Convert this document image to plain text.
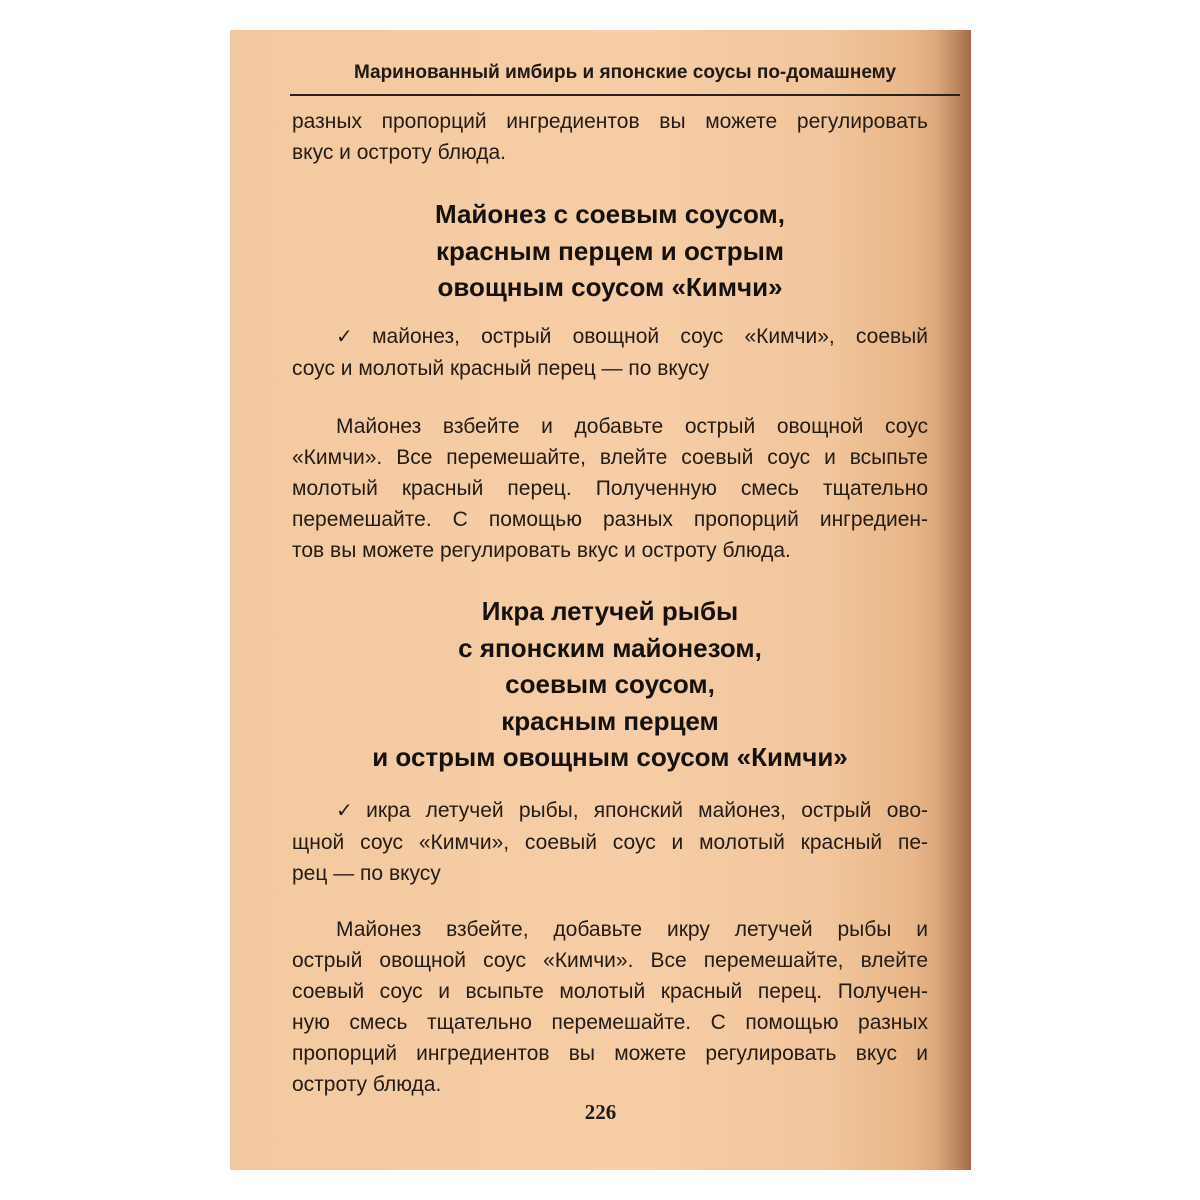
Маринованный имбирь и японские соусы по-домашнему
разных пропорций ингредиентов вы можете регулировать
вкус и остроту блюда.
Майонез с соевым соусом,
красным перцем и острым
овощным соусом «Кимчи»
✓ майонез, острый овощной соус «Кимчи», соевый
соус и молотый красный перец — по вкусу
Майонез взбейте и добавьте острый овощной соус
«Кимчи». Все перемешайте, влейте соевый соус и всыпьте
молотый красный перец. Полученную смесь тщательно
перемешайте. С помощью разных пропорций ингредиен-
тов вы можете регулировать вкус и остроту блюда.
Икра летучей рыбы
с японским майонезом,
соевым соусом,
красным перцем
и острым овощным соусом «Кимчи»
✓ икра летучей рыбы, японский майонез, острый ово-
щной соус «Кимчи», соевый соус и молотый красный пе-
рец — по вкусу
Майонез взбейте, добавьте икру летучей рыбы и
острый овощной соус «Кимчи». Все перемешайте, влейте
соевый соус и всыпьте молотый красный перец. Получен-
ную смесь тщательно перемешайте. С помощью разных
пропорций ингредиентов вы можете регулировать вкус и
остроту блюда.
226
